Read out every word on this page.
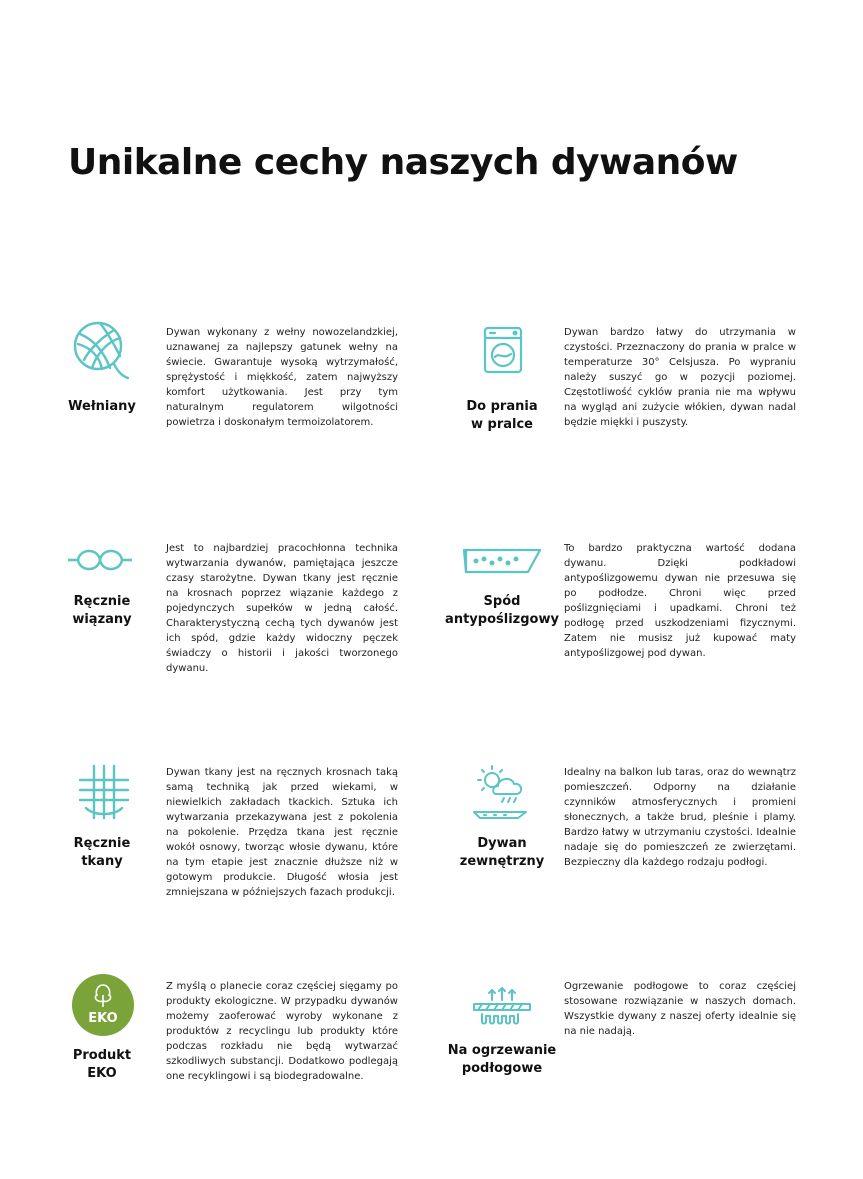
Unikalne cechy naszych dywanów
Wełniany

Dywan wykonany z wełny nowozelandzkiej, uznawanej za najlepszy gatunek wełny na świecie. Gwarantuje wysoką wytrzymałość, sprężystość i miękkość, zatem najwyższy komfort użytkowania. Jest przy tym naturalnym regulatorem wilgotności powietrza i doskonałym termoizolatorem.

Do prania
w pralce

Dywan bardzo łatwy do utrzymania w czystości. Przeznaczony do prania w pralce w temperaturze 30° Celsjusza. Po wypraniu należy suszyć go w pozycji poziomej. Częstotliwość cyklów prania nie ma wpływu na wygląd ani zużycie włókien, dywan nadal będzie miękki i puszysty.

Ręcznie
wiązany

Jest to najbardziej pracochłonna technika wytwarzania dywanów, pamiętająca jeszcze czasy starożytne. Dywan tkany jest ręcznie na krosnach poprzez wiązanie każdego z pojedynczych supełków w jedną całość. Charakterystyczną cechą tych dywanów jest ich spód, gdzie każdy widoczny pęczek świadczy o historii i jakości tworzonego dywanu.

Spód
antypoślizgowy

To bardzo praktyczna wartość dodana dywanu. Dzięki podkładowi antypoślizgowemu dywan nie przesuwa się po podłodze. Chroni więc przed poślizgnięciami i upadkami. Chroni też podłogę przed uszkodzeniami fizycznymi. Zatem nie musisz już kupować maty antypoślizgowej pod dywan.

Ręcznie
tkany

Dywan tkany jest na ręcznych krosnach taką samą techniką jak przed wiekami, w niewielkich zakładach tkackich. Sztuka ich wytwarzania przekazywana jest z pokolenia na pokolenie. Przędza tkana jest ręcznie wokół osnowy, tworząc włosie dywanu, które na tym etapie jest znacznie dłuższe niż w gotowym produkcie. Długość włosia jest zmniejszana w późniejszych fazach produkcji.

Dywan
zewnętrzny

Idealny na balkon lub taras, oraz do wewnątrz pomieszczeń. Odporny na działanie czynników atmosferycznych i promieni słonecznych, a także brud, pleśnie i plamy. Bardzo łatwy w utrzymaniu czystości. Idealnie nadaje się do pomieszczeń ze zwierzętami. Bezpieczny dla każdego rodzaju podłogi.

EKO
Produkt
EKO

Z myślą o planecie coraz częściej sięgamy po produkty ekologiczne. W przypadku dywanów możemy zaoferować wyroby wykonane z produktów z recyclingu lub produkty które podczas rozkładu nie będą wytwarzać szkodliwych substancji. Dodatkowo podlegają one recyklingowi i są biodegradowalne.

Na ogrzewanie
podłogowe

Ogrzewanie podłogowe to coraz częściej stosowane rozwiązanie w naszych domach. Wszystkie dywany z naszej oferty idealnie się na nie nadają.
